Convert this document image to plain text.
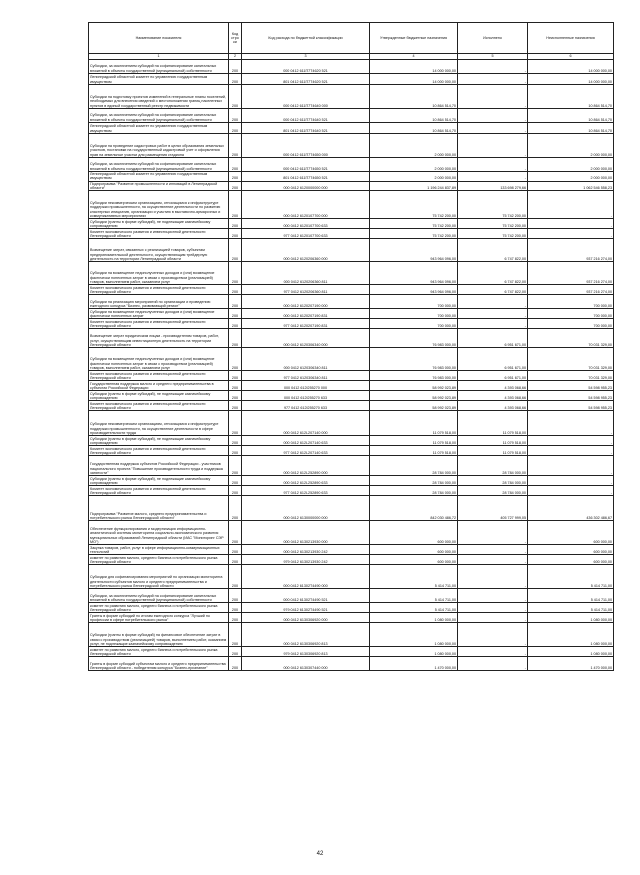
Наименование показателя	Код стро ки	Код расхода по бюджетной классификации	Утвержденные бюджетные назначения	Исполнено	Неисполненные назначения
1	2	3	4	5	6
Субсидии, за исключением субсидий на софинансирование капитальных вложений в объекты государственной (муниципальной) собственности	200	000 0412 611П7Т4620 521	14 000 000,00	-	14 000 000,00
Ленинградский областной комитет по управлению государственным имуществом	200	801 0412 611П7Т4620 521	14 000 000,00	-	14 000 000,00
Субсидии на подготовку проектов изменений в генеральные планы поселений, необходимых для внесения сведений о местоположении границ населенных пунктов в единый государственный реестр недвижимости	200	000 0412 611П7Т4640 000	10 864 514,70	-	10 864 514,70
Субсидии, за исключением субсидий на софинансирование капитальных вложений в объекты государственной (муниципальной) собственности	200	000 0412 611П7Т4640 521	10 864 514,70	-	10 864 514,70
Ленинградский областной комитет по управлению государственным имуществом	200	801 0412 611П7Т4640 521	10 864 514,70	-	10 864 514,70
Субсидии на проведение кадастровых работ в целях образования земельных участков, постановки на государственный кадастровый учет и оформления прав на земельные участки для размещения стадиона	200	000 0412 611П7Т4650 000	2 000 000,00	-	2 000 000,00
Субсидии, за исключением субсидий на софинансирование капитальных вложений в объекты государственной (муниципальной) собственности	200	000 0412 611П7Т4650 521	2 000 000,00	-	2 000 000,00
Ленинградский областной комитет по управлению государственным имуществом	200	801 0412 611П7Т4650 521	2 000 000,00	-	2 000 000,00
Подпрограмма "Развитие промышленности и инноваций в Ленинградской области"	200	000 0412 6120000000 000	1 196 244 837,89	133 698 279,66	1 062 546 558,23
Субсидии некоммерческим организациям, относящимся к инфраструктуре поддержки промышленности, на осуществление деятельности по развитию кластерных инициатив, организации и участию в выставочно-ярмарочных и коммуникативных мероприятиях	200	000 0412 6120107700 000	75 742 200,00	75 742 200,00	-
Субсидии (гранты в форме субсидий), не подлежащие казначейскому сопровождению	200	000 0412 6120107700 633	75 742 200,00	75 742 200,00	-
Комитет экономического развития и инвестиционной деятельности Ленинградской области	200	977 0412 6120107700 633	75 742 200,00	75 742 200,00	-
Возмещение затрат, связанных с реализацией товаров, субъектам предпринимательской деятельности, осуществляющим трейдерную деятельность на территории Ленинградской области	200	000 0412 6120206360 000	943 964 096,00	6 747 822,00	937 216 274,00
Субсидии на возмещение недополученных доходов и (или) возмещение фактически понесенных затрат в связи с производством (реализацией) товаров, выполнением работ, оказанием услуг	200	000 0412 6120206360 811	943 964 096,00	6 747 822,00	937 216 274,00
Комитет экономического развития и инвестиционной деятельности Ленинградской области	200	977 0412 6120206360 811	943 964 096,00	6 747 822,00	937 216 274,00
Субсидии на реализацию мероприятий по организации и проведению ежегодного конкурса "Бизнес, развивающий регион"	200	000 0412 6120207190 000	700 000,00	-	700 000,00
Субсидии на возмещение недополученных доходов и (или) возмещение фактически понесенных затрат	200	000 0412 6120207190 831	700 000,00	-	700 000,00
Комитет экономического развития и инвестиционной деятельности Ленинградской области	200	977 0412 6120207190 831	700 000,00	-	700 000,00
Возмещение затрат юридическим лицам - производителям товаров, работ, услуг, осуществляющим инвестиционную деятельность на территории Ленинградской области	200	000 0412 6120306340 000	76 983 000,00	6 951 671,00	70 031 329,00
Субсидии на возмещение недополученных доходов и (или) возмещение фактически понесенных затрат в связи с производством (реализацией) товаров, выполнением работ, оказанием услуг	200	000 0412 6120306340 811	76 983 000,00	6 951 671,00	70 031 329,00
Комитет экономического развития и инвестиционной деятельности Ленинградской области	200	977 0412 6120306340 811	76 983 000,00	6 951 671,00	70 031 329,00
Государственная поддержка малого и среднего предпринимательства в субъектах Российской Федерации	200	000 0412 612I255270 000	58 992 023,89	4 393 068,66	54 598 955,23
Субсидии (гранты в форме субсидий), не подлежащие казначейскому сопровождению	200	000 0412 612I255270 633	58 992 023,89	4 393 068,66	54 598 955,23
Комитет экономического развития и инвестиционной деятельности Ленинградской области	200	977 0412 612I255270 633	58 992 023,89	4 393 068,66	54 598 955,23
Субсидии некоммерческим организациям, относящимся к инфраструктуре поддержки промышленности, на осуществление деятельности в сфере производительности труда	200	000 0412 612L207140 000	11 079 518,00	11 079 518,00	-
Субсидии (гранты в форме субсидий), не подлежащие казначейскому сопровождению	200	000 0412 612L207140 633	11 079 518,00	11 079 518,00	-
Комитет экономического развития и инвестиционной деятельности Ленинградской области	200	977 0412 612L207140 633	11 079 518,00	11 079 518,00	-
Государственная поддержка субъектов Российской Федерации - участников национального проекта "Повышение производительности труда и поддержка занятости"	200	000 0412 612L252890 000	28 784 000,00	28 784 000,00	-
Субсидии (гранты в форме субсидий), не подлежащие казначейскому сопровождению	200	000 0412 612L252890 633	28 784 000,00	28 784 000,00	-
Комитет экономического развития и инвестиционной деятельности Ленинградской области	200	977 0412 612L252890 633	28 784 000,00	28 784 000,00	-
Подпрограмма "Развитие малого, среднего предпринимательства и потребительского рынка Ленинградской области"	200	000 0412 6130000000 000	842 030 486,72	405 727 999,05	436 302 486,67
Обеспечение функционирования и модернизация информационно-аналитической системы мониторинга социально-экономического развития муниципальных образований Ленинградской области (ИАС "Мониторинг СЭР МО")	200	000 0412 6130213930 000	600 000,00	-	600 000,00
Закупка товаров, работ, услуг в сфере информационно-коммуникационных технологий	200	000 0412 6130213930 242	600 000,00	-	600 000,00
комитет по развитию малого, среднего бизнеса и потребительского рынка Ленинградской области	200	979 0412 6130213930 242	600 000,00	-	600 000,00
Субсидии для софинансирования мероприятий по организации мониторинга деятельности субъектов малого и среднего предпринимательства и потребительского рынка Ленинградской области	200	000 0412 61302Т4490 000	5 414 711,00	-	5 414 711,00
Субсидии, за исключением субсидий на софинансирование капитальных вложений в объекты государственной (муниципальной) собственности	200	000 0412 61302Т4490 521	5 414 711,00	-	5 414 711,00
комитет по развитию малого, среднего бизнеса и потребительского рынка Ленинградской области	200	979 0412 61302Т4490 521	5 414 711,00	-	5 414 711,00
Гранты в форме субсидий по итогам ежегодного конкурса "Лучший по профессии в сфере потребительского рынка"	200	000 0412 6130306920 000	1 080 000,00	-	1 080 000,00
Субсидии (гранты в форме субсидий) на финансовое обеспечение затрат в связи с производством (реализацией) товаров, выполнением работ, оказанием услуг, не подлежащие казначейскому сопровождению	200	000 0412 6130306920 813	1 080 000,00	-	1 080 000,00
комитет по развитию малого, среднего бизнеса и потребительского рынка Ленинградской области	200	979 0412 6130306920 813	1 080 000,00	-	1 080 000,00
Гранты в форме субсидий субъектам малого и среднего предпринимательства Ленинградской области - победителям конкурса "Бизнес-признание"	200	000 0412 6130307440 000	1 470 000,00	-	1 470 000,00
42
